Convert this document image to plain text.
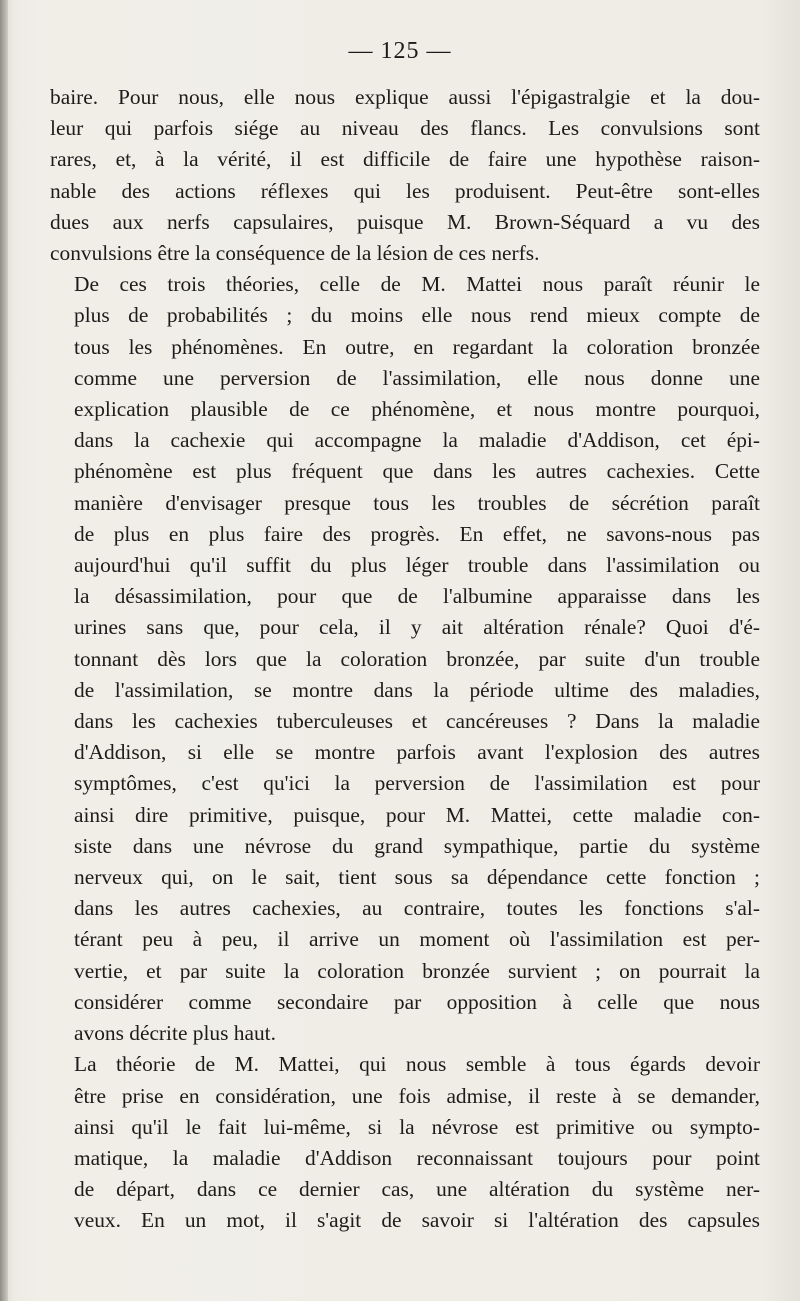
— 125 —
baire. Pour nous, elle nous explique aussi l'épigastralgie et la dou-
leur qui parfois siége au niveau des flancs. Les convulsions sont
rares, et, à la vérité, il est difficile de faire une hypothèse raison-
nable des actions réflexes qui les produisent. Peut-être sont-elles
dues aux nerfs capsulaires, puisque M. Brown-Séquard a vu des
convulsions être la conséquence de la lésion de ces nerfs.
De ces trois théories, celle de M. Mattei nous paraît réunir le
plus de probabilités ; du moins elle nous rend mieux compte de
tous les phénomènes. En outre, en regardant la coloration bronzée
comme une perversion de l'assimilation, elle nous donne une
explication plausible de ce phénomène, et nous montre pourquoi,
dans la cachexie qui accompagne la maladie d'Addison, cet épi-
phénomène est plus fréquent que dans les autres cachexies. Cette
manière d'envisager presque tous les troubles de sécrétion paraît
de plus en plus faire des progrès. En effet, ne savons-nous pas
aujourd'hui qu'il suffit du plus léger trouble dans l'assimilation ou
la désassimilation, pour que de l'albumine apparaisse dans les
urines sans que, pour cela, il y ait altération rénale? Quoi d'é-
tonnant dès lors que la coloration bronzée, par suite d'un trouble
de l'assimilation, se montre dans la période ultime des maladies,
dans les cachexies tuberculeuses et cancéreuses ? Dans la maladie
d'Addison, si elle se montre parfois avant l'explosion des autres
symptômes, c'est qu'ici la perversion de l'assimilation est pour
ainsi dire primitive, puisque, pour M. Mattei, cette maladie con-
siste dans une névrose du grand sympathique, partie du système
nerveux qui, on le sait, tient sous sa dépendance cette fonction ;
dans les autres cachexies, au contraire, toutes les fonctions s'al-
térant peu à peu, il arrive un moment où l'assimilation est per-
vertie, et par suite la coloration bronzée survient ; on pourrait la
considérer comme secondaire par opposition à celle que nous
avons décrite plus haut.
La théorie de M. Mattei, qui nous semble à tous égards devoir
être prise en considération, une fois admise, il reste à se demander,
ainsi qu'il le fait lui-même, si la névrose est primitive ou sympto-
matique, la maladie d'Addison reconnaissant toujours pour point
de départ, dans ce dernier cas, une altération du système ner-
veux. En un mot, il s'agit de savoir si l'altération des capsules
